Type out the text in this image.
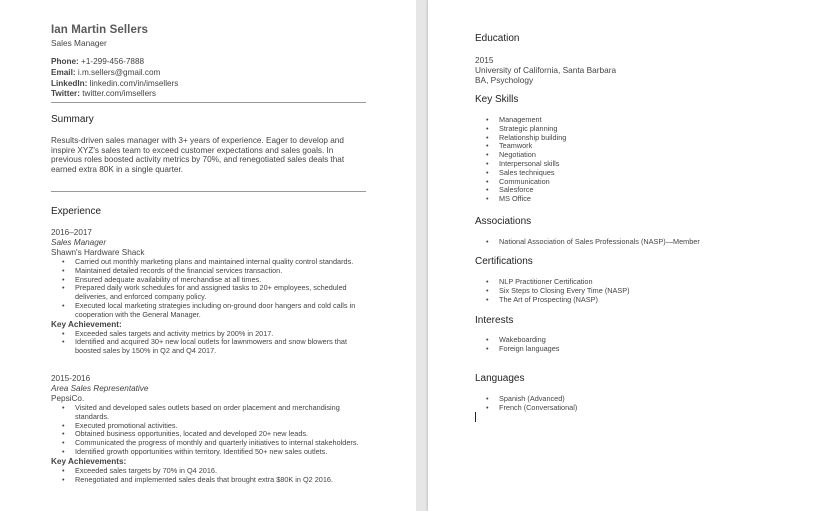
Ian Martin Sellers
Sales Manager
Phone: +1-299-456-7888
Email: i.m.sellers@gmail.com
LinkedIn: linkedin.com/in/imsellers
Twitter: twitter.com/imsellers
Summary
Results-driven sales manager with 3+ years of experience. Eager to develop and inspire XYZ's sales team to exceed customer expectations and sales goals. In previous roles boosted activity metrics by 70%, and renegotiated sales deals that earned extra 80K in a single quarter.
Experience
2016–2017
Sales Manager
Shawn's Hardware Shack
• Carried out monthly marketing plans and maintained internal quality control standards.
• Maintained detailed records of the financial services transaction.
• Ensured adequate availability of merchandise at all times.
• Prepared daily work schedules for and assigned tasks to 20+ employees, scheduled deliveries, and enforced company policy.
• Executed local marketing strategies including on-ground door hangers and cold calls in cooperation with the General Manager.
Key Achievement:
• Exceeded sales targets and activity metrics by 200% in 2017.
• Identified and acquired 30+ new local outlets for lawnmowers and snow blowers that boosted sales by 150% in Q2 and Q4 2017.
2015-2016
Area Sales Representative
PepsiCo.
• Visited and developed sales outlets based on order placement and merchandising standards.
• Executed promotional activities.
• Obtained business opportunities, located and developed 20+ new leads.
• Communicated the progress of monthly and quarterly initiatives to internal stakeholders.
• Identified growth opportunities within territory. Identified 50+ new sales outlets.
Key Achievements:
• Exceeded sales targets by 70% in Q4 2016.
• Renegotiated and implemented sales deals that brought extra $80K in Q2 2016.
Education
2015
University of California, Santa Barbara
BA, Psychology
Key Skills
• Management
• Strategic planning
• Relationship building
• Teamwork
• Negotiation
• Interpersonal skills
• Sales techniques
• Communication
• Salesforce
• MS Office
Associations
• National Association of Sales Professionals (NASP)—Member
Certifications
• NLP Practitioner Certification
• Six Steps to Closing Every Time (NASP)
• The Art of Prospecting (NASP)
Interests
• Wakeboarding
• Foreign languages
Languages
• Spanish (Advanced)
• French (Conversational)
